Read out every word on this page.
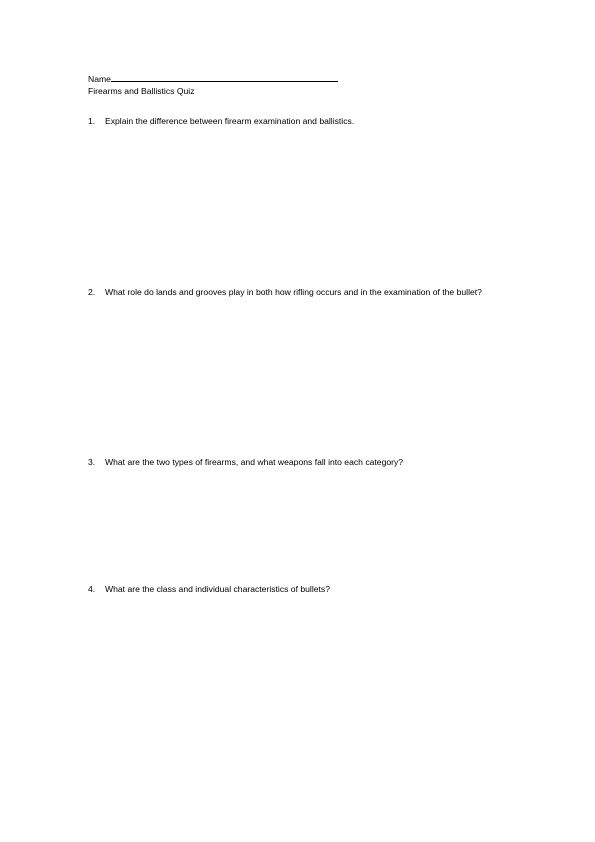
Name
Firearms and Ballistics Quiz
1.	Explain the difference between firearm examination and ballistics.
2.	What role do lands and grooves play in both how rifling occurs and in the examination of the bullet?
3.	What are the two types of firearms, and what weapons fall into each category?
4.	What are the class and individual characteristics of bullets?
